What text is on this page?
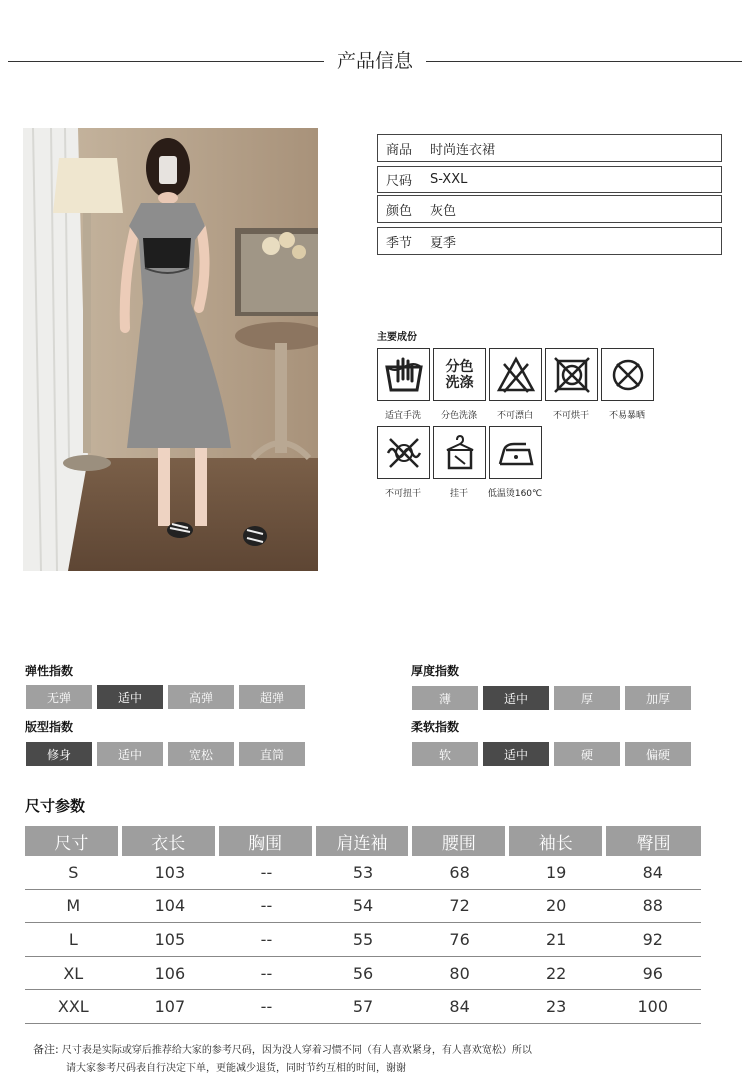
产品信息
商品	时尚连衣裙
尺码	S-XXL
颜色	灰色
季节	夏季
主要成份
分色
洗涤
适宜手洗	分色洗涤	不可漂白	不可烘干	不易暴晒
不可扭干	挂干	低温烫160℃
弹性指数
无弹	适中	高弹	超弹
厚度指数
薄	适中	厚	加厚
版型指数
修身	适中	宽松	直筒
柔软指数
软	适中	硬	偏硬
尺寸参数
尺寸	衣长	胸围	肩连袖	腰围	袖长	臀围
S	103	--	53	68	19	84
M	104	--	54	72	20	88
L	105	--	55	76	21	92
XL	106	--	56	80	22	96
XXL	107	--	57	84	23	100
备注: 尺寸表是实际或穿后推荐给大家的参考尺码，因为没人穿着习惯不同（有人喜欢紧身，有人喜欢宽松）所以
请大家参考尺码表自行决定下单，更能减少退货，同时节约互相的时间，谢谢
